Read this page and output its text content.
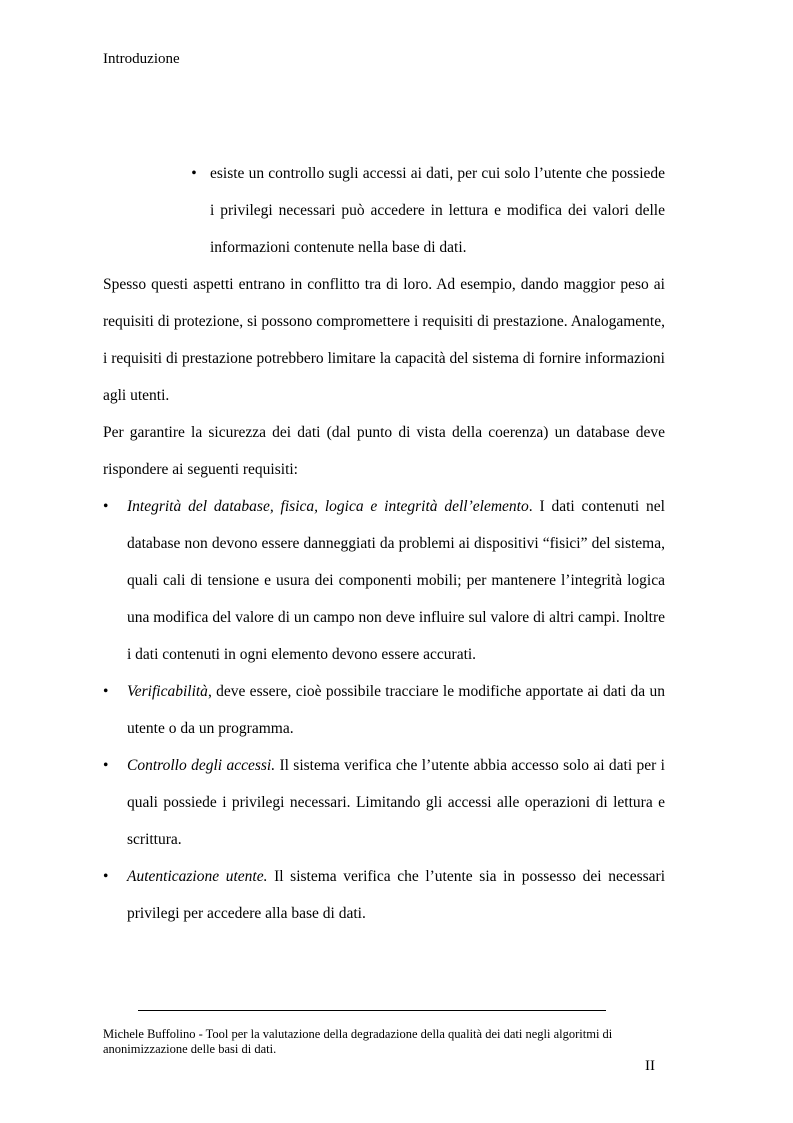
Introduzione
• esiste un controllo sugli accessi ai dati, per cui solo l’utente che possiede i privilegi necessari può accedere in lettura e modifica dei valori delle informazioni contenute nella base di dati.

Spesso questi aspetti entrano in conflitto tra di loro. Ad esempio, dando maggior peso ai requisiti di protezione, si possono compromettere i requisiti di prestazione. Analogamente, i requisiti di prestazione potrebbero limitare la capacità del sistema di fornire informazioni agli utenti.

Per garantire la sicurezza dei dati (dal punto di vista della coerenza) un database deve rispondere ai seguenti requisiti:

• Integrità del database, fisica, logica e integrità dell’elemento. I dati contenuti nel database non devono essere danneggiati da problemi ai dispositivi “fisici” del sistema, quali cali di tensione e usura dei componenti mobili; per mantenere l’integrità logica una modifica del valore di un campo non deve influire sul valore di altri campi. Inoltre i dati contenuti in ogni elemento devono essere accurati.
• Verificabilità, deve essere, cioè possibile tracciare le modifiche apportate ai dati da un utente o da un programma.
• Controllo degli accessi. Il sistema verifica che l’utente abbia accesso solo ai dati per i quali possiede i privilegi necessari. Limitando gli accessi alle operazioni di lettura e scrittura.
• Autenticazione utente. Il sistema verifica che l’utente sia in possesso dei necessari privilegi per accedere alla base di dati.
Michele Buffolino - Tool per la valutazione della degradazione della qualità dei dati negli algoritmi di anonimizzazione delle basi di dati.
II
